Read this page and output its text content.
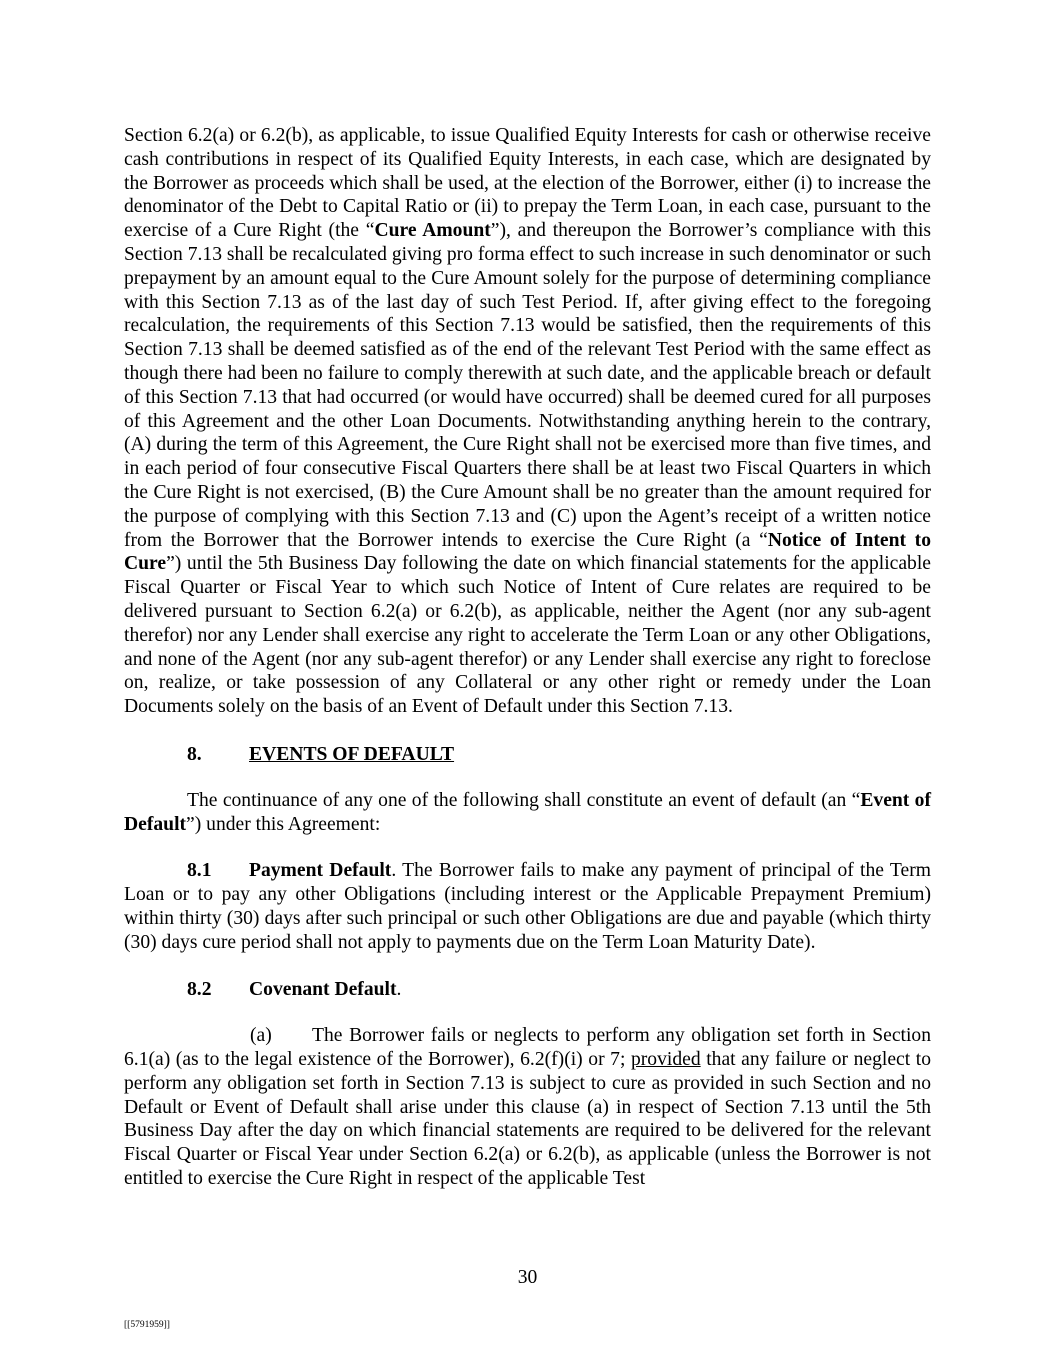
Section 6.2(a) or 6.2(b), as applicable, to issue Qualified Equity Interests for cash or otherwise receive cash contributions in respect of its Qualified Equity Interests, in each case, which are designated by the Borrower as proceeds which shall be used, at the election of the Borrower, either (i) to increase the denominator of the Debt to Capital Ratio or (ii) to prepay the Term Loan, in each case, pursuant to the exercise of a Cure Right (the “Cure Amount”), and thereupon the Borrower’s compliance with this Section 7.13 shall be recalculated giving pro forma effect to such increase in such denominator or such prepayment by an amount equal to the Cure Amount solely for the purpose of determining compliance with this Section 7.13 as of the last day of such Test Period. If, after giving effect to the foregoing recalculation, the requirements of this Section 7.13 would be satisfied, then the requirements of this Section 7.13 shall be deemed satisfied as of the end of the relevant Test Period with the same effect as though there had been no failure to comply therewith at such date, and the applicable breach or default of this Section 7.13 that had occurred (or would have occurred) shall be deemed cured for all purposes of this Agreement and the other Loan Documents. Notwithstanding anything herein to the contrary, (A) during the term of this Agreement, the Cure Right shall not be exercised more than five times, and in each period of four consecutive Fiscal Quarters there shall be at least two Fiscal Quarters in which the Cure Right is not exercised, (B) the Cure Amount shall be no greater than the amount required for the purpose of complying with this Section 7.13 and (C) upon the Agent’s receipt of a written notice from the Borrower that the Borrower intends to exercise the Cure Right (a “Notice of Intent to Cure”) until the 5th Business Day following the date on which financial statements for the applicable Fiscal Quarter or Fiscal Year to which such Notice of Intent of Cure relates are required to be delivered pursuant to Section 6.2(a) or 6.2(b), as applicable, neither the Agent (nor any sub-agent therefor) nor any Lender shall exercise any right to accelerate the Term Loan or any other Obligations, and none of the Agent (nor any sub-agent therefor) or any Lender shall exercise any right to foreclose on, realize, or take possession of any Collateral or any other right or remedy under the Loan Documents solely on the basis of an Event of Default under this Section 7.13.

8. EVENTS OF DEFAULT

The continuance of any one of the following shall constitute an event of default (an “Event of Default”) under this Agreement:

8.1 Payment Default. The Borrower fails to make any payment of principal of the Term Loan or to pay any other Obligations (including interest or the Applicable Prepayment Premium) within thirty (30) days after such principal or such other Obligations are due and payable (which thirty (30) days cure period shall not apply to payments due on the Term Loan Maturity Date).

8.2 Covenant Default.

(a) The Borrower fails or neglects to perform any obligation set forth in Section 6.1(a) (as to the legal existence of the Borrower), 6.2(f)(i) or 7; provided that any failure or neglect to perform any obligation set forth in Section 7.13 is subject to cure as provided in such Section and no Default or Event of Default shall arise under this clause (a) in respect of Section 7.13 until the 5th Business Day after the day on which financial statements are required to be delivered for the relevant Fiscal Quarter or Fiscal Year under Section 6.2(a) or 6.2(b), as applicable (unless the Borrower is not entitled to exercise the Cure Right in respect of the applicable Test

30
[[5791959]]
